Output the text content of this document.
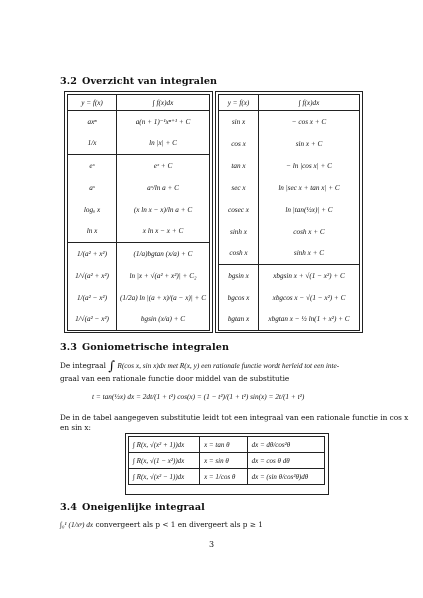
3.2 Overzicht van integralen
y = f(x)	∫ f(x)dx
axⁿ	a(n + 1)⁻¹xⁿ⁺¹ + C
1/x	ln |x| + C
eˣ	eˣ + C
aˣ	aˣ/ln a + C
logₐ x	(x ln x − x)/ln a + C
ln x	x ln x − x + C
1/(a² + x²)	(1/a)bgtan (x/a) + C
1/√(a² + x²)	ln |x + √(a² + x²)| + C₂
1/(a² − x²)	(1/2a) ln |(a + x)/(a − x)| + C
1/√(a² − x²)	bgsin (x/a) + C
y = f(x)	∫ f(x)dx
sin x	− cos x + C
cos x	sin x + C
tan x	− ln |cos x| + C
sec x	ln |sec x + tan x| + C
cosec x	ln |tan(½x)| + C
sinh x	cosh x + C
cosh x	sinh x + C
bgsin x	xbgsin x + √(1 − x²) + C
bgcos x	xbgcos x − √(1 − x²) + C
bgtan x	xbgtan x − ½ ln(1 + x²) + C
3.3 Goniometrische integralen
De integraal ∫ R(cos x, sin x)dx met R(x, y) een rationale functie wordt herleid tot een inte-
graal van een rationale functie door middel van de substitutie
t = tan(½x) dx = 2dt/(1 + t²) cos(x) = (1 − t²)/(1 + t²) sin(x) = 2t/(1 + t²)
De in de tabel aangegeven substitutie leidt tot een integraal van een rationale functie in cos x
en sin x:
∫ R(x, √(x² + 1))dx	x = tan θ	dx = dθ/cos²θ
∫ R(x, √(1 − x²))dx	x = sin θ	dx = cos θ dθ
∫ R(x, √(x² − 1))dx	x = 1/cos θ	dx = (sin θ/cos²θ)dθ
3.4 Oneigenlijke integraal
∫₀¹ (1/xᵖ) dx convergeert als p < 1 en divergeert als p ≥ 1
3
